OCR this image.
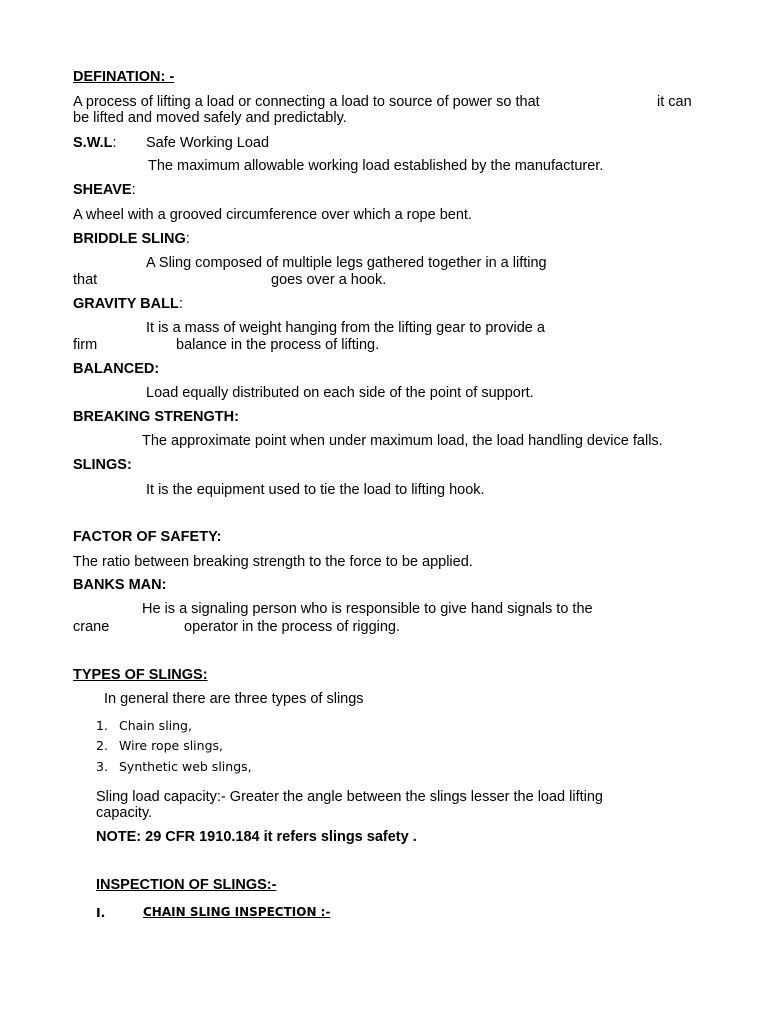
DEFINATION: -
A process of lifting a load or connecting a load to source of power so that	it can
be lifted and moved safely and predictably.
S.W.L: Safe Working Load
The maximum allowable working load established by the manufacturer.
SHEAVE:
A wheel with a grooved circumference over which a rope bent.
BRIDDLE SLING:
A Sling composed of multiple legs gathered together in a lifting
that	goes over a hook.
GRAVITY BALL:
It is a mass of weight hanging from the lifting gear to provide a
firm	balance in the process of lifting.
BALANCED:
Load equally distributed on each side of the point of support.
BREAKING STRENGTH:
The approximate point when under maximum load, the load handling device falls.
SLINGS:
It is the equipment used to tie the load to lifting hook.
FACTOR OF SAFETY:
The ratio between breaking strength to the force to be applied.
BANKS MAN:
He is a signaling person who is responsible to give hand signals to the
crane	operator in the process of rigging.
TYPES OF SLINGS:
In general there are three types of slings
1. Chain sling,
2. Wire rope slings,
3. Synthetic web slings,
Sling load capacity:- Greater the angle between the slings lesser the load lifting
capacity.
NOTE: 29 CFR 1910.184 it refers slings safety .
INSPECTION OF SLINGS:-
I.	CHAIN SLING INSPECTION :-
